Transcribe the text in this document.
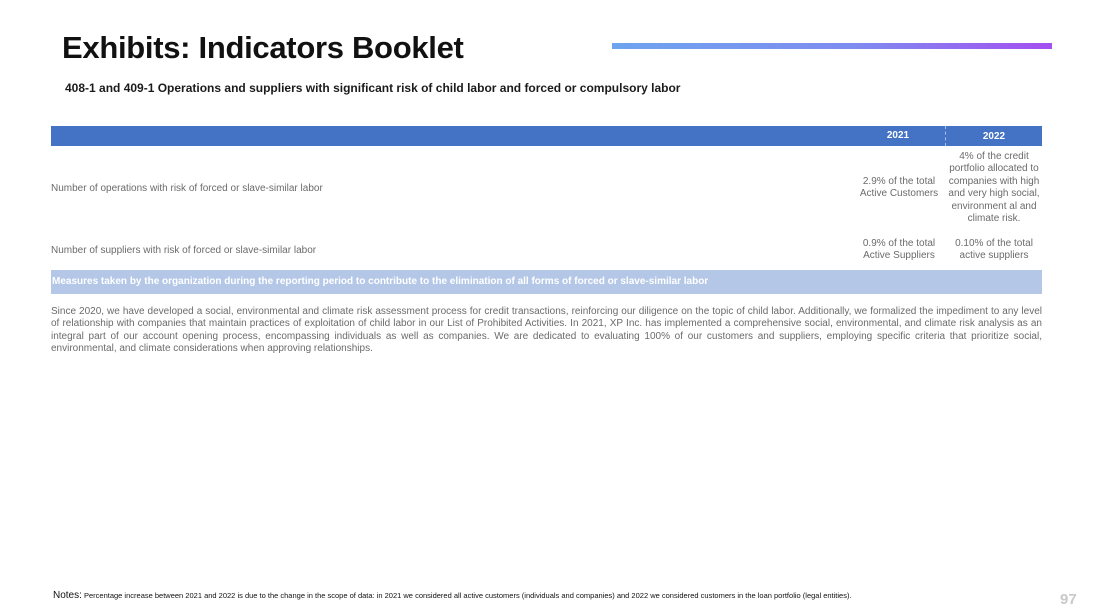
Exhibits: Indicators Booklet
408-1 and 409-1 Operations and suppliers with significant risk of child labor and forced or compulsory labor
2021	2022
Number of operations with risk of forced or slave-similar labor
2.9% of the total Active Customers
4% of the credit portfolio allocated to companies with high and very high social, environment al and climate risk.
Number of suppliers with risk of forced or slave-similar labor
0.9% of the total Active Suppliers
0.10% of the total active suppliers
Measures taken by the organization during the reporting period to contribute to the elimination of all forms of forced or slave-similar labor
Since 2020, we have developed a social, environmental and climate risk assessment process for credit transactions, reinforcing our diligence on the topic of child labor. Additionally, we formalized the impediment to any level of relationship with companies that maintain practices of exploitation of child labor in our List of Prohibited Activities. In 2021, XP Inc. has implemented a comprehensive social, environmental, and climate risk analysis as an integral part of our account opening process, encompassing individuals as well as companies. We are dedicated to evaluating 100% of our customers and suppliers, employing specific criteria that prioritize social, environmental, and climate considerations when approving relationships.
Notes: Percentage increase between 2021 and 2022 is due to the change in the scope of data: in 2021 we considered all active customers (individuals and companies) and 2022 we considered customers in the loan portfolio (legal entities).	97
